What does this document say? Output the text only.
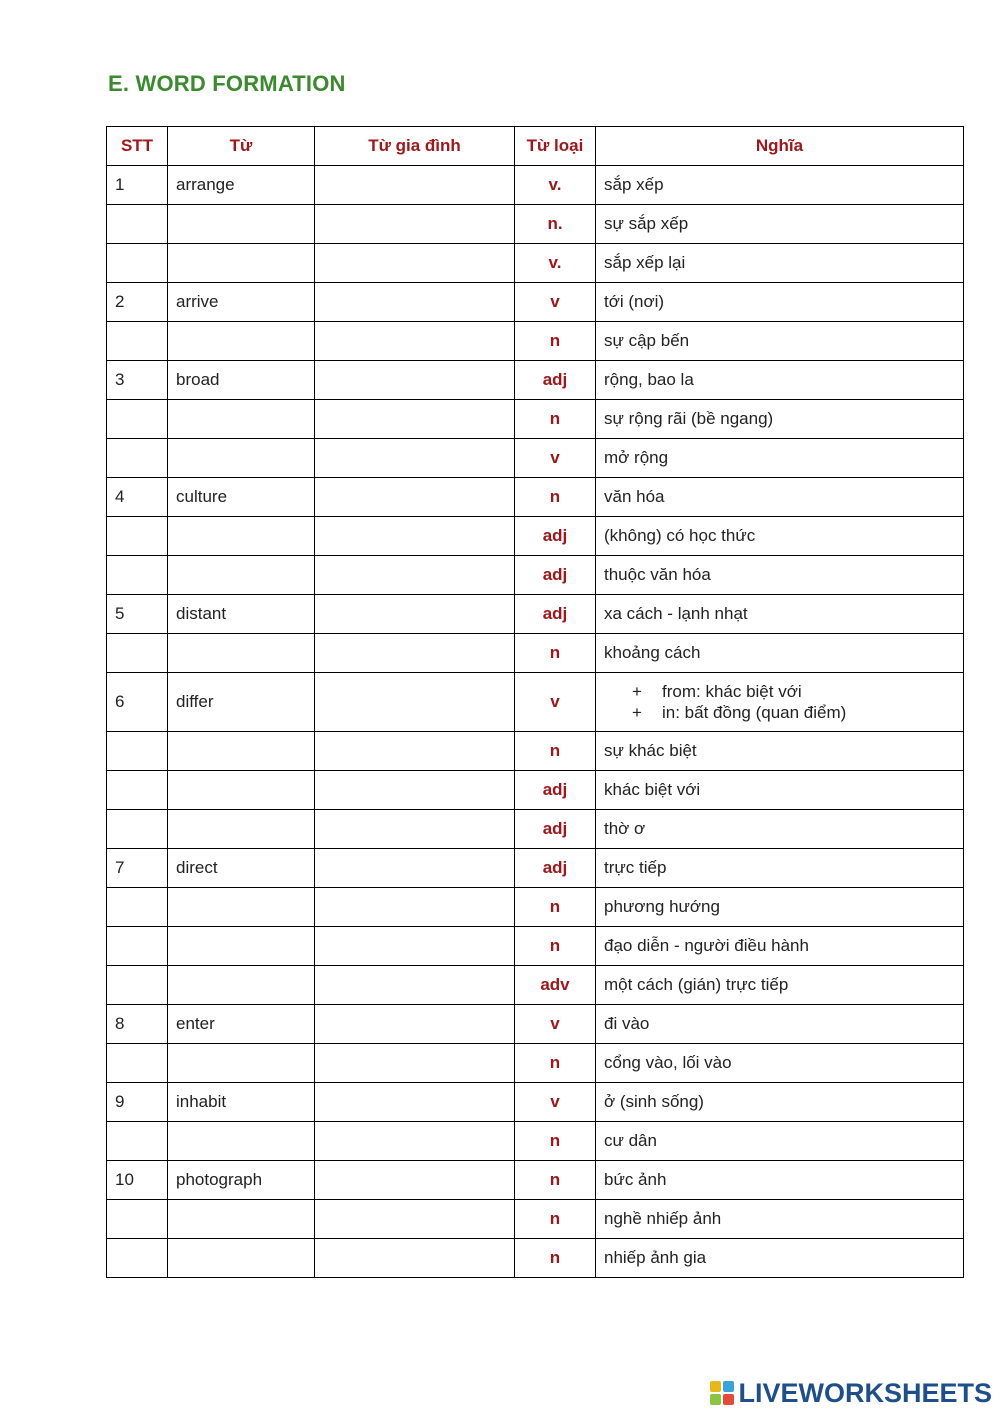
E. WORD FORMATION
STT	Từ	Từ gia đình	Từ loại	Nghĩa
1	arrange		v.	sắp xếp
			n.	sự sắp xếp
			v.	sắp xếp lại
2	arrive		v	tới (nơi)
			n	sự cập bến
3	broad		adj	rộng, bao la
			n	sự rộng rãi (bề ngang)
			v	mở rộng
4	culture		n	văn hóa
			adj	(không) có học thức
			adj	thuộc văn hóa
5	distant		adj	xa cách - lạnh nhạt
			n	khoảng cách
6	differ		v	+ from: khác biệt với
+ in: bất đồng (quan điểm)

			n	sự khác biệt
			adj	khác biệt với
			adj	thờ ơ
7	direct		adj	trực tiếp
			n	phương hướng
			n	đạo diễn - người điều hành
			adv	một cách (gián) trực tiếp
8	enter		v	đi vào
			n	cổng vào, lối vào
9	inhabit		v	ở (sinh sống)
			n	cư dân
10	photograph		n	bức ảnh
			n	nghề nhiếp ảnh
			n	nhiếp ảnh gia
LIVEWORKSHEETS
